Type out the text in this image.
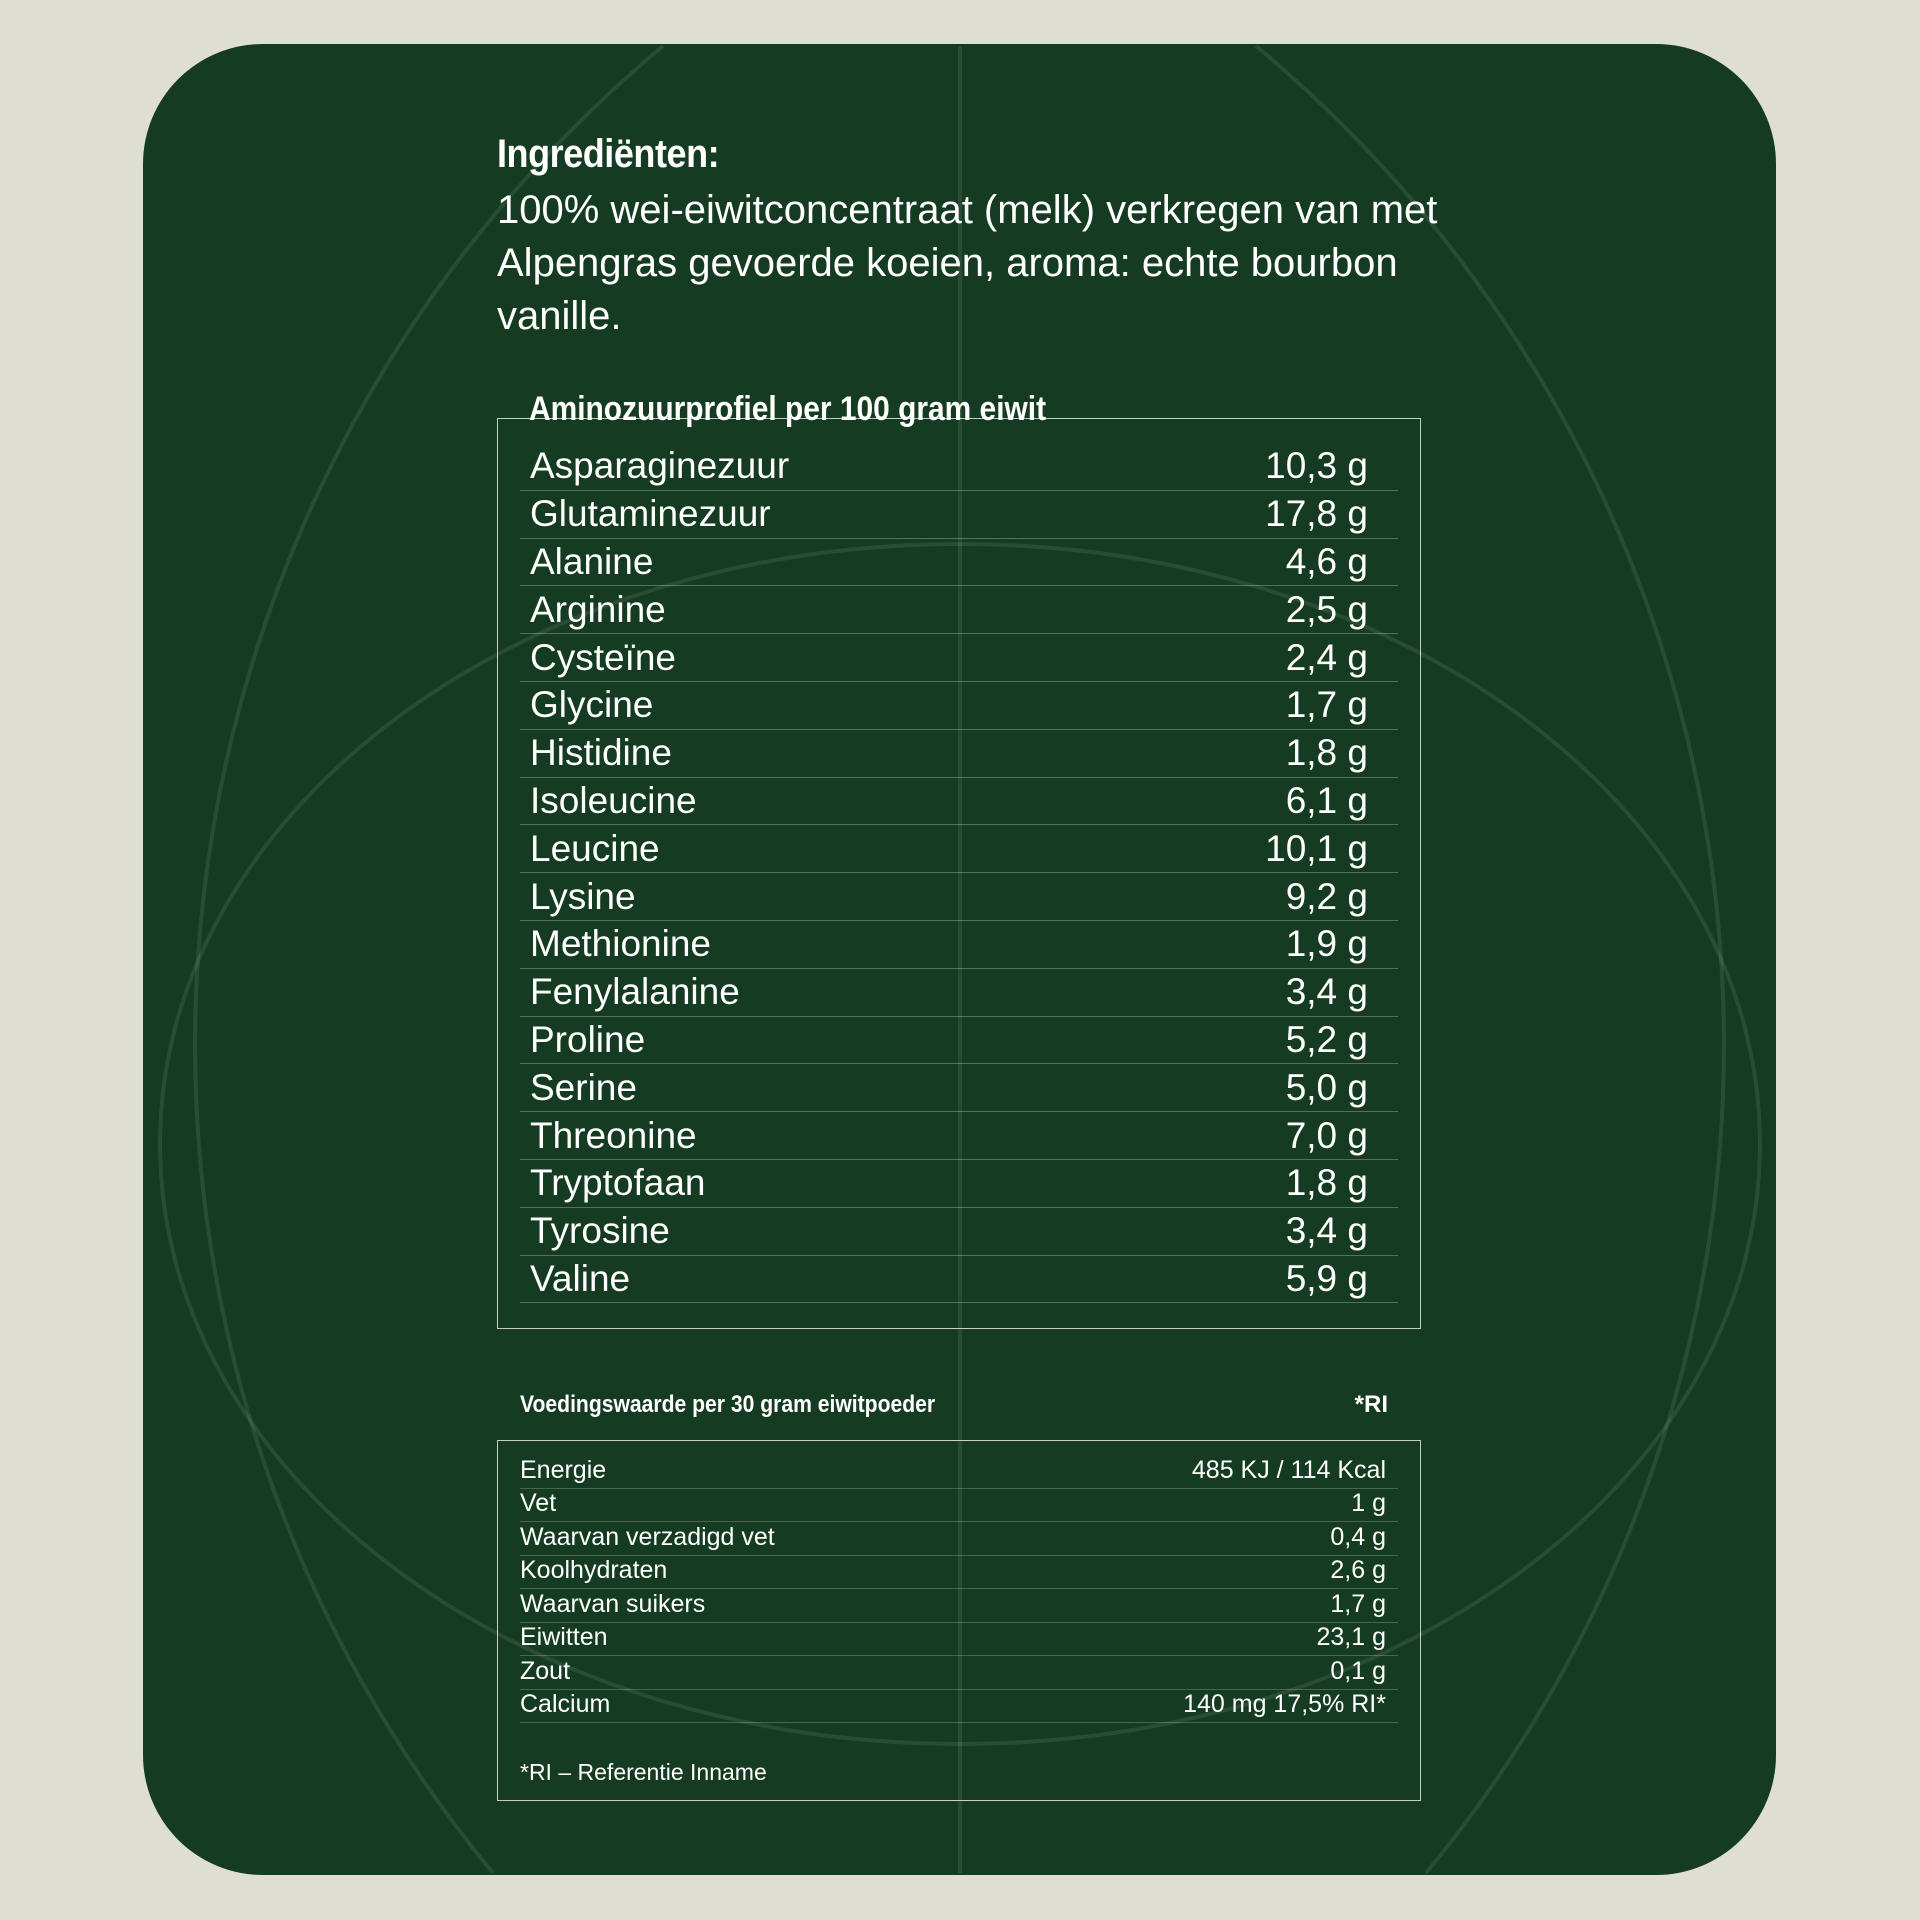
Ingrediënten:
100% wei-eiwitconcentraat (melk) verkregen van met Alpengras gevoerde koeien, aroma: echte bourbon vanille.
Aminozuurprofiel per 100 gram eiwit
Asparaginezuur	10,3 g
Glutaminezuur	17,8 g
Alanine	4,6 g
Arginine	2,5 g
Cysteïne	2,4 g
Glycine	1,7 g
Histidine	1,8 g
Isoleucine	6,1 g
Leucine	10,1 g
Lysine	9,2 g
Methionine	1,9 g
Fenylalanine	3,4 g
Proline	5,2 g
Serine	5,0 g
Threonine	7,0 g
Tryptofaan	1,8 g
Tyrosine	3,4 g
Valine	5,9 g
Voedingswaarde per 30 gram eiwitpoeder	*RI
Energie	485 KJ / 114 Kcal
Vet	1 g
Waarvan verzadigd vet	0,4 g
Koolhydraten	2,6 g
Waarvan suikers	1,7 g
Eiwitten	23,1 g
Zout	0,1 g
Calcium	140 mg 17,5% RI*
*RI – Referentie Inname
